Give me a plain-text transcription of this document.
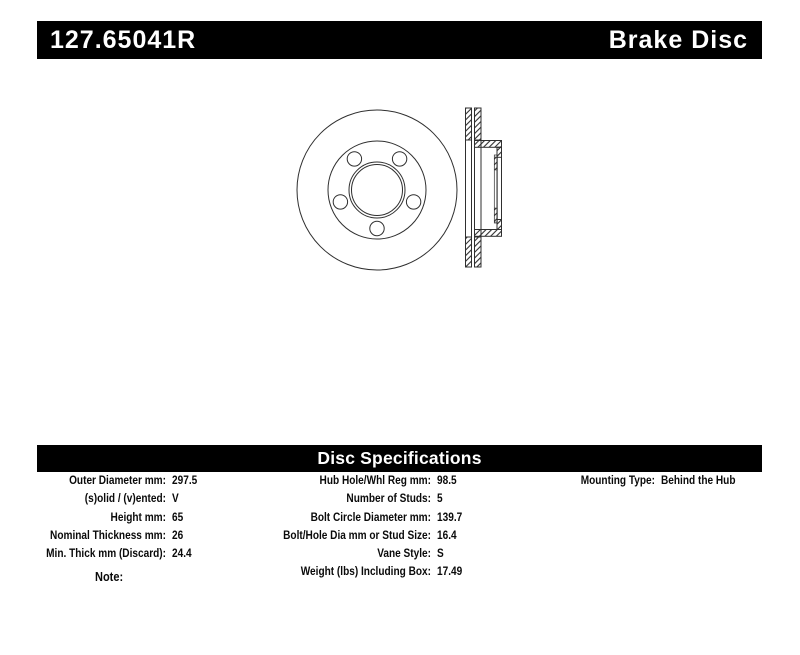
127.65041R	Brake Disc
Disc Specifications
Outer Diameter mm:
(s)olid / (v)ented:
Height mm:
Nominal Thickness mm:
Min. Thick mm (Discard):
297.5
V
65
26
24.4
Hub Hole/Whl Reg mm:
Number of Studs:
Bolt Circle Diameter mm:
Bolt/Hole Dia mm or Stud Size:
Vane Style:
Weight (lbs) Including Box:
98.5
5
139.7
16.4
S
17.49
Mounting Type: Behind the Hub
Note:
